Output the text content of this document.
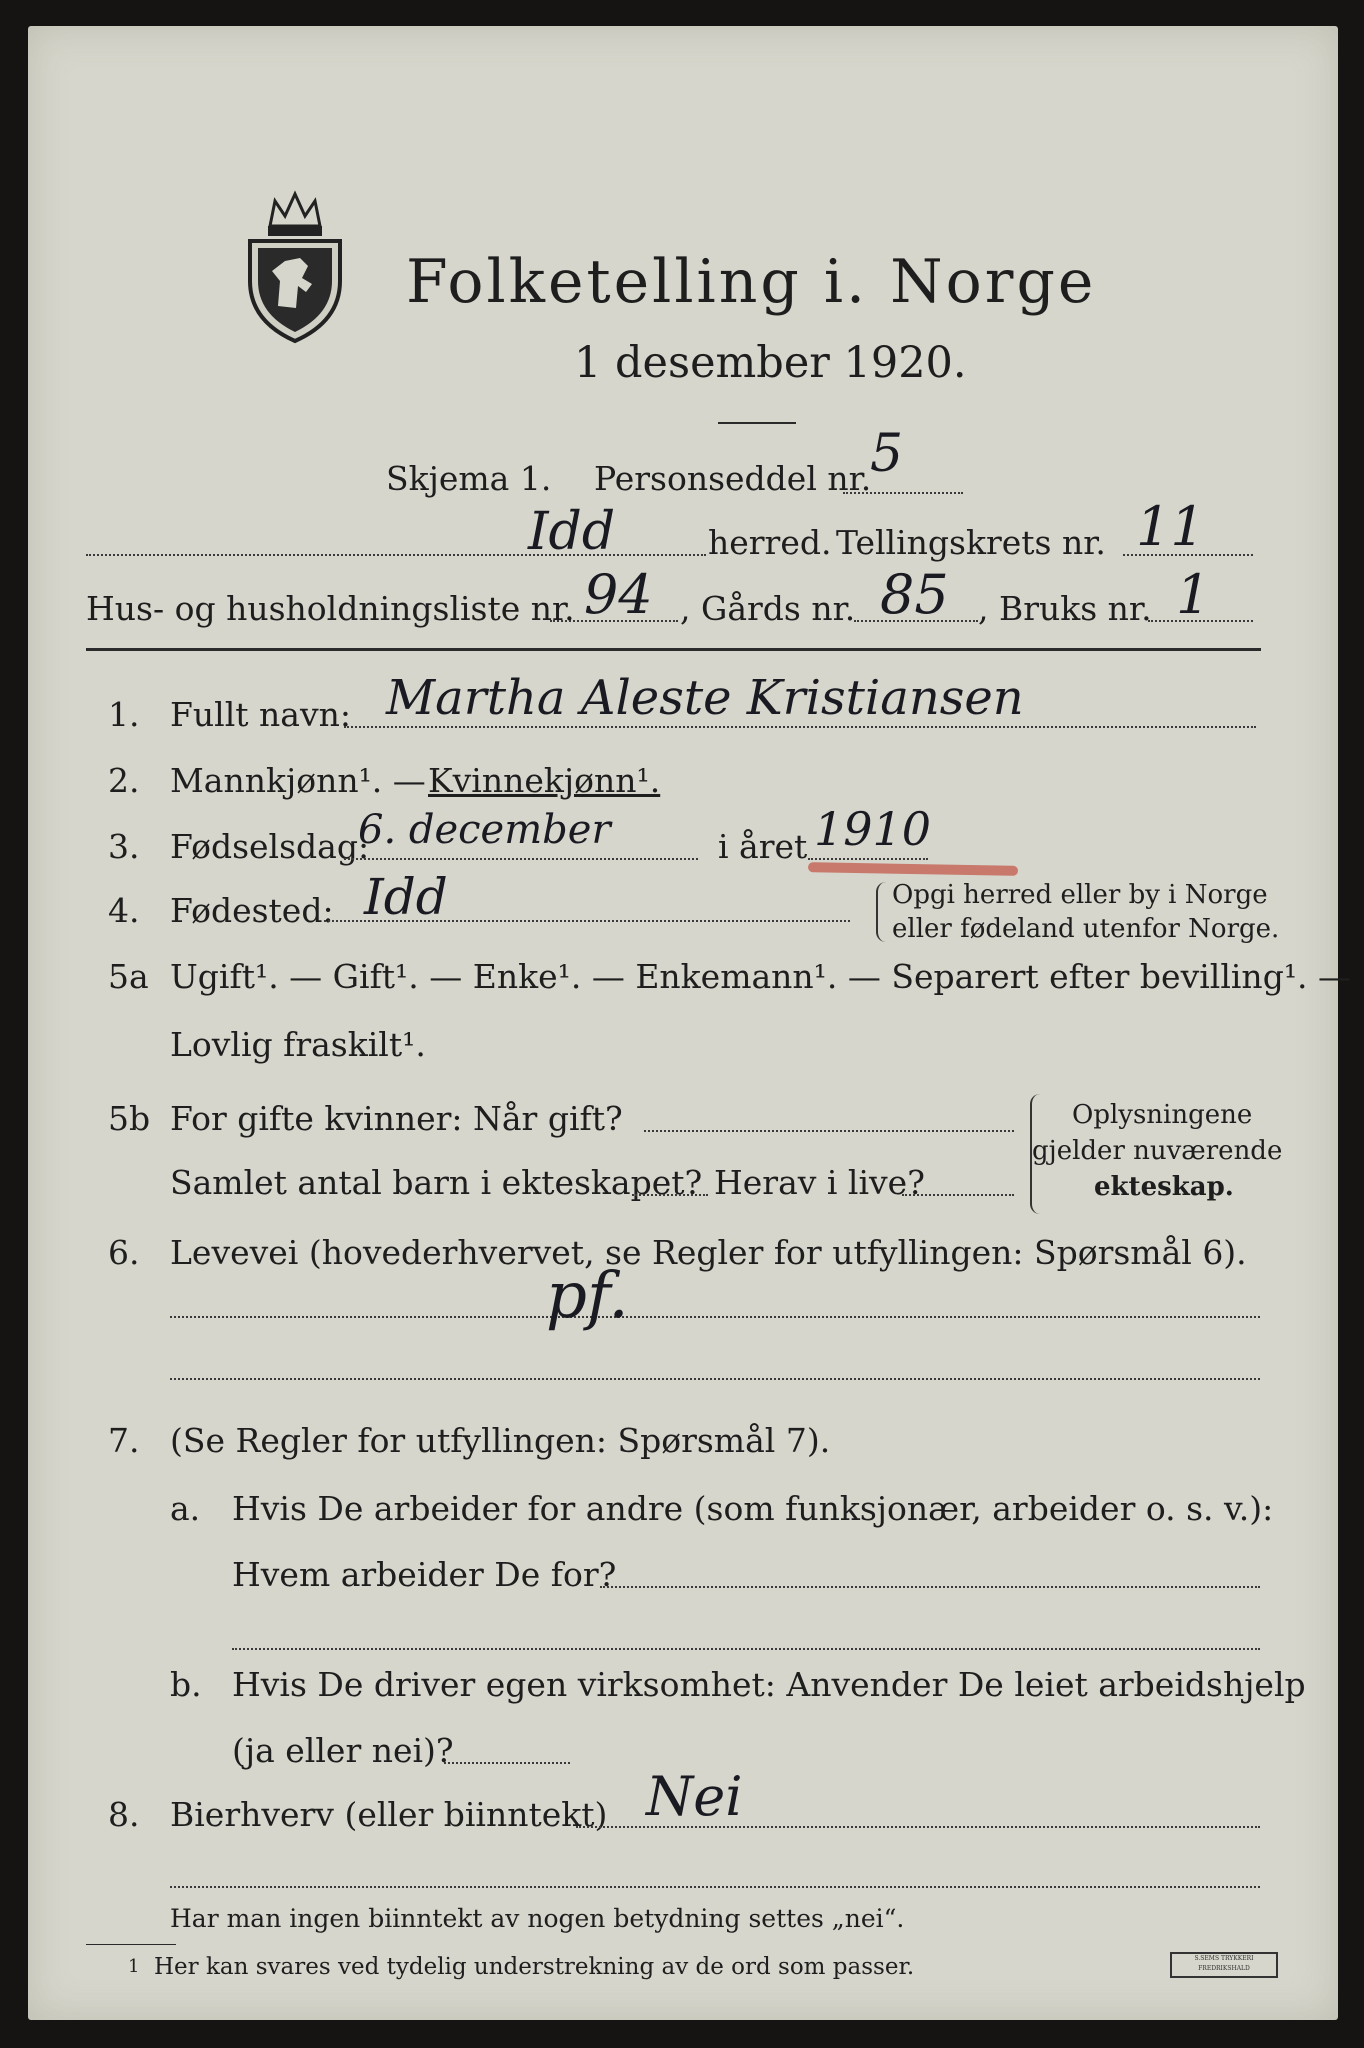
Folketelling i. Norge
1 desember 1920.
Skjema 1. Personseddel nr.
5
Idd	herred. Tellingskrets nr. 11
Hus- og husholdningsliste nr. 94 , Gårds nr. 85 , Bruks nr. 1
1. Fullt navn: Martha Aleste Kristiansen
2. Mannkjønn¹. — Kvinnekjønn¹.
3. Fødselsdag:
6. december	i året 1910
4. Fødested: Idd	Opgi herred eller by i Norge
eller fødeland utenfor Norge.
5a Ugift¹. — Gift¹. — Enke¹. — Enkemann¹. — Separert efter bevilling¹. —
Lovlig fraskilt¹.
5b For gifte kvinner: Når gift?
Samlet antal barn i ekteskapet? Herav i live?
Oplysningene
gjelder nuværende
ekteskap.
6. Levevei (hovederhvervet, se Regler for utfyllingen: Spørsmål 6).
pf.
7. (Se Regler for utfyllingen: Spørsmål 7).
a. Hvis De arbeider for andre (som funksjonær, arbeider o. s. v.):
Hvem arbeider De for?
b. Hvis De driver egen virksomhet: Anvender De leiet arbeidshjelp
(ja eller nei)?
8. Bierhverv (eller biinntekt) Nei
Har man ingen biinntekt av nogen betydning settes „nei“.
1 Her kan svares ved tydelig understrekning av de ord som passer.	S.SEMS TRYKKERI FREDRIKSHALD
